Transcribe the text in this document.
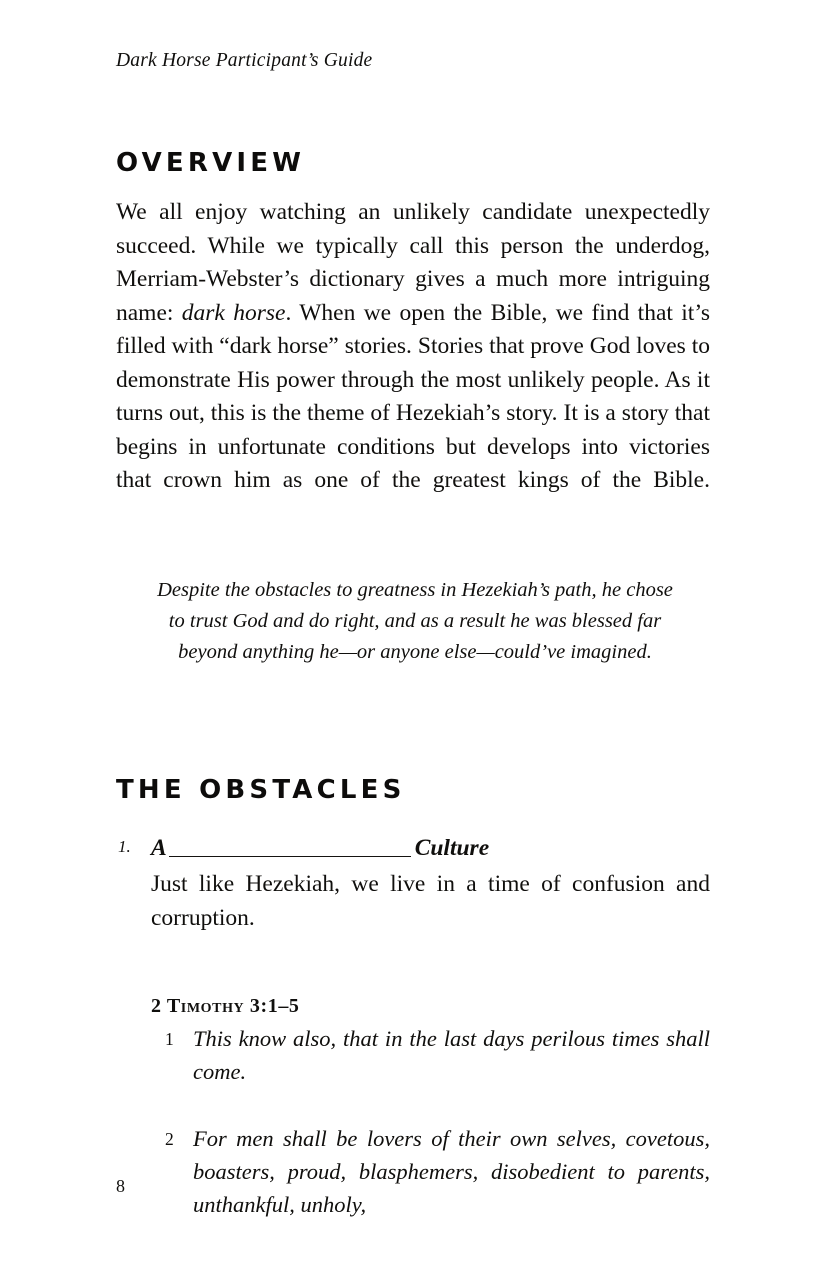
Dark Horse Participant’s Guide
OVERVIEW

We all enjoy watching an unlikely candidate unexpectedly succeed. While we typically call this person the underdog, Merriam-Webster’s dictionary gives a much more intriguing name: dark horse. When we open the Bible, we find that it’s filled with “dark horse” stories. Stories that prove God loves to demonstrate His power through the most unlikely people. As it turns out, this is the theme of Hezekiah’s story. It is a story that begins in unfortunate conditions but develops into victories that crown him as one of the greatest kings of the Bible.

Despite the obstacles to greatness in Hezekiah’s path, he chose to trust God and do right, and as a result he was blessed far beyond anything he—or anyone else—could’ve imagined.
THE OBSTACLES
1. A	Culture
Just like Hezekiah, we live in a time of confusion and corruption.
2 Timothy 3:1–5
1 This know also, that in the last days perilous times shall come.
2 For men shall be lovers of their own selves, covetous, boasters, proud, blasphemers, disobedient to parents, unthankful, unholy,
8
